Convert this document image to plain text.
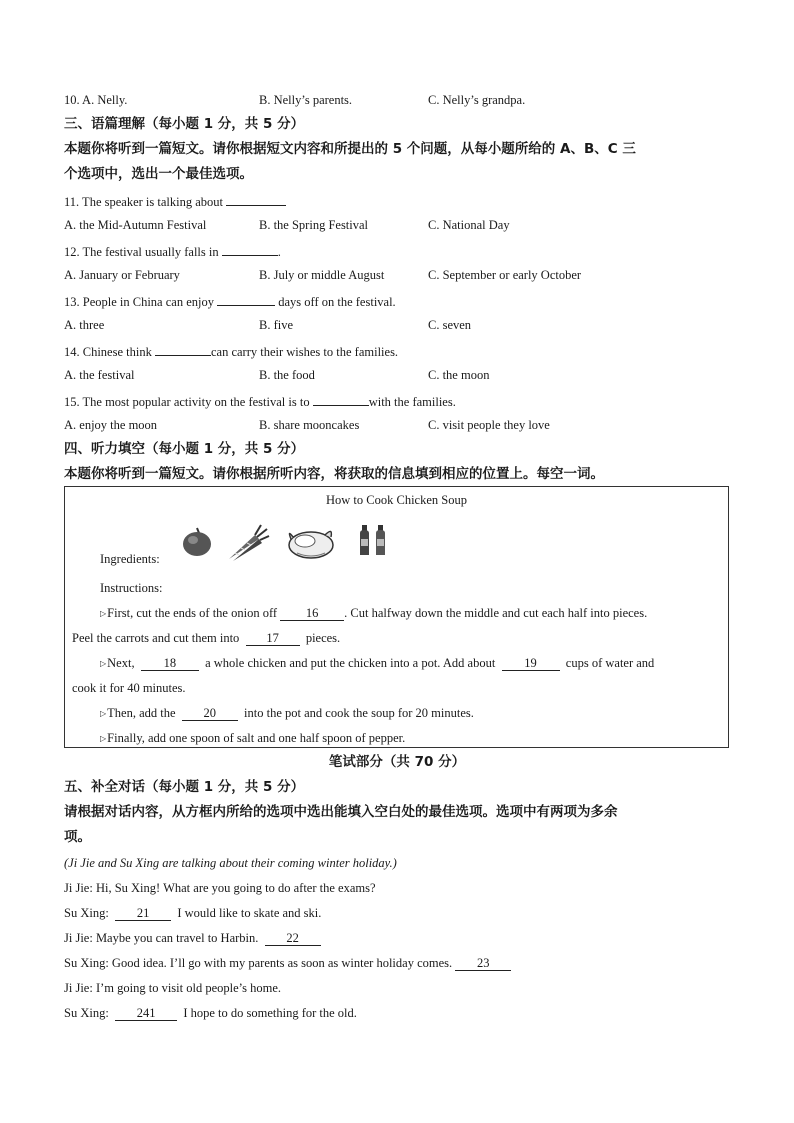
10. A. Nelly.	B. Nelly’s parents.	C. Nelly’s grandpa.
三、语篇理解（每小题 1 分，共 5 分）
本题你将听到一篇短文。请你根据短文内容和所提出的 5 个问题，从每小题所给的 A、B、C 三
个选项中，选出一个最佳选项。
11. The speaker is talking about
A. the Mid-Autumn Festival	B. the Spring Festival	C. National Day
12. The festival usually falls in	.
A. January or February	B. July or middle August	C. September or early October
13. People in China can enjoy	days off on the festival.
A. three	B. five	C. seven
14. Chinese think	can carry their wishes to the families.
A. the festival	B. the food	C. the moon
15. The most popular activity on the festival is to	with the families.
A. enjoy the moon	B. share mooncakes	C. visit people they love
四、听力填空（每小题 1 分，共 5 分）
本题你将听到一篇短文。请你根据所听内容，将获取的信息填到相应的位置上。每空一词。
How to Cook Chicken Soup
Ingredients:
Instructions:
▷First, cut the ends of the onion off 16 . Cut halfway down the middle and cut each half into pieces.
Peel the carrots and cut them into 17 pieces.
▷Next, 18 a whole chicken and put the chicken into a pot. Add about 19 cups of water and
cook it for 40 minutes.
▷Then, add the 20 into the pot and cook the soup for 20 minutes.
▷Finally, add one spoon of salt and one half spoon of pepper.
笔试部分（共 70 分）
五、补全对话（每小题 1 分，共 5 分）
请根据对话内容，从方框内所给的选项中选出能填入空白处的最佳选项。选项中有两项为多余
项。
(Ji Jie and Su Xing are talking about their coming winter holiday.)
Ji Jie: Hi, Su Xing! What are you going to do after the exams?
Su Xing: 21 I would like to skate and ski.
Ji Jie: Maybe you can travel to Harbin. 22
Su Xing: Good idea. I’ll go with my parents as soon as winter holiday comes. 23
Ji Jie: I’m going to visit old people’s home.
Su Xing: 241 I hope to do something for the old.
